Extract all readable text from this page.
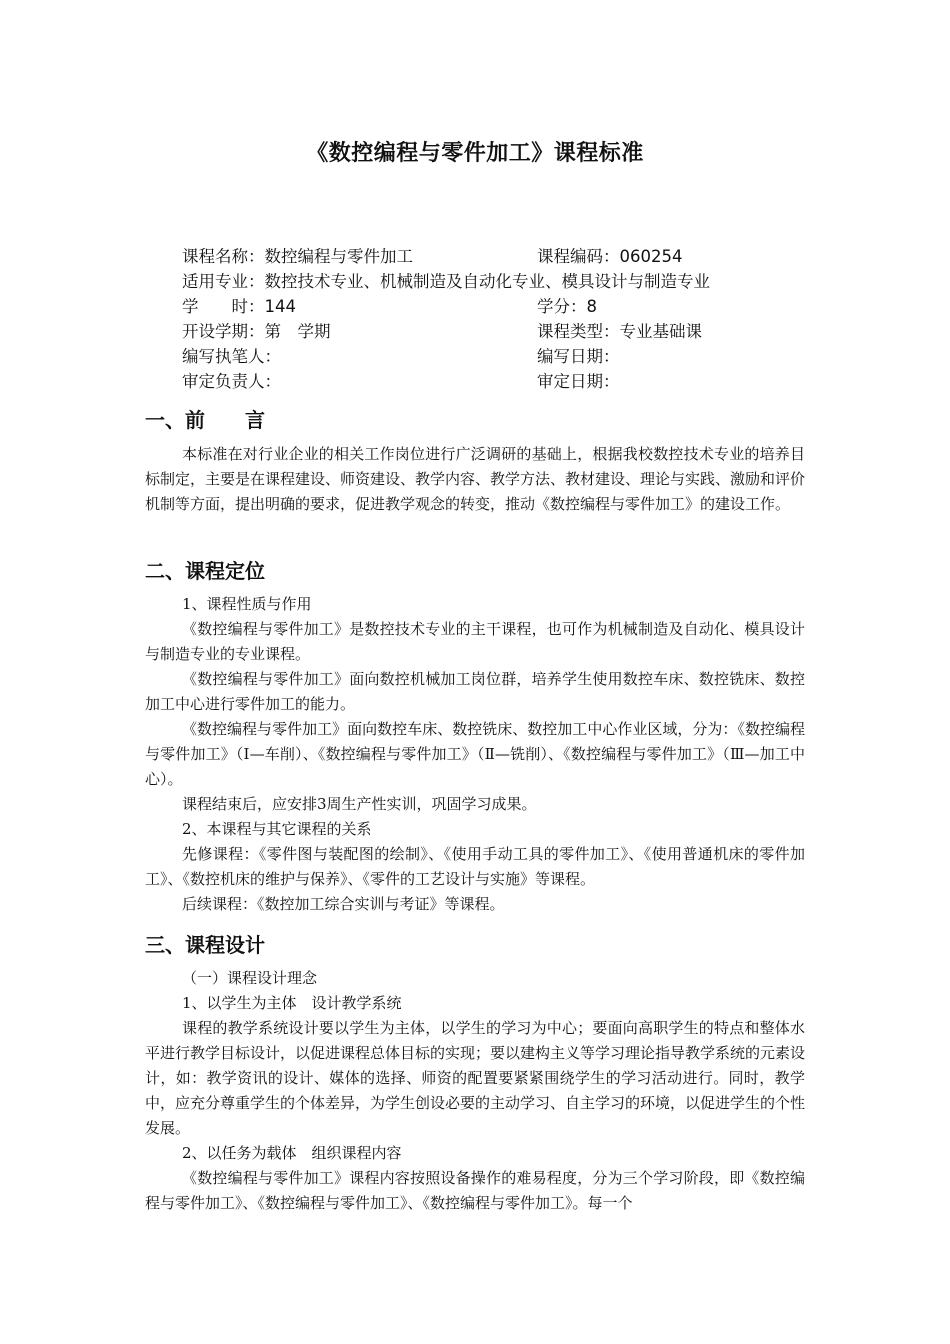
《数控编程与零件加工》课程标准
课程名称：数控编程与零件加工	课程编码：060254
适用专业：数控技术专业、机械制造及自动化专业、模具设计与制造专业
学　　时：144	学分：8
开设学期：第　学期	课程类型：专业基础课
编写执笔人：	编写日期：
审定负责人：	审定日期：
一、前　　言

本标准在对行业企业的相关工作岗位进行广泛调研的基础上，根据我校数控技术专业的培养目标制定，主要是在课程建设、师资建设、教学内容、教学方法、教材建设、理论与实践、激励和评价机制等方面，提出明确的要求，促进教学观念的转变，推动《数控编程与零件加工》的建设工作。

二、课程定位

1、课程性质与作用

《数控编程与零件加工》是数控技术专业的主干课程，也可作为机械制造及自动化、模具设计与制造专业的专业课程。

《数控编程与零件加工》面向数控机械加工岗位群，培养学生使用数控车床、数控铣床、数控加工中心进行零件加工的能力。

《数控编程与零件加工》面向数控车床、数控铣床、数控加工中心作业区域，分为：《数控编程与零件加工》（Ⅰ—车削）、《数控编程与零件加工》（Ⅱ—铣削）、《数控编程与零件加工》（Ⅲ—加工中心）。

课程结束后，应安排3周生产性实训，巩固学习成果。

2、本课程与其它课程的关系

先修课程：《零件图与装配图的绘制》、《使用手动工具的零件加工》、《使用普通机床的零件加工》、《数控机床的维护与保养》、《零件的工艺设计与实施》等课程。

后续课程：《数控加工综合实训与考证》等课程。

三、课程设计

（一）课程设计理念

1、以学生为主体　设计教学系统

课程的教学系统设计要以学生为主体，以学生的学习为中心；要面向高职学生的特点和整体水平进行教学目标设计，以促进课程总体目标的实现；要以建构主义等学习理论指导教学系统的元素设计，如：教学资讯的设计、媒体的选择、师资的配置要紧紧围绕学生的学习活动进行。同时，教学中，应充分尊重学生的个体差异，为学生创设必要的主动学习、自主学习的环境，以促进学生的个性发展。

2、以任务为载体　组织课程内容

《数控编程与零件加工》课程内容按照设备操作的难易程度，分为三个学习阶段，即《数控编程与零件加工》、《数控编程与零件加工》、《数控编程与零件加工》。每一个
